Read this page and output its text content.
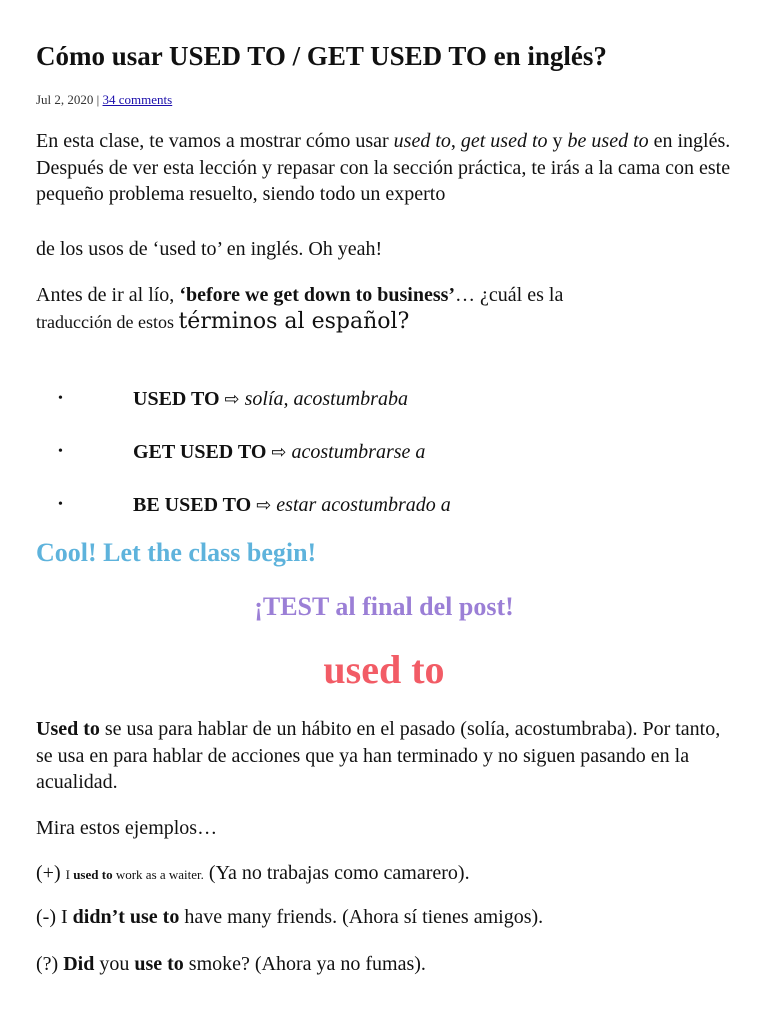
Cómo usar USED TO / GET USED TO en inglés?
Jul 2, 2020 | 34 comments

En esta clase, te vamos a mostrar cómo usar used to, get used to y be used to en inglés. Después de ver esta lección y repasar con la sección práctica, te irás a la cama con este pequeño problema resuelto, siendo todo un experto

de los usos de ‘used to’ en inglés. Oh yeah!

Antes de ir al lío, ‘before we get down to business’… ¿cuál es la
traducción de estos términos al español?

•	USED TO ⇨ solía, acostumbraba
•	GET USED TO ⇨ acostumbrarse a
•	BE USED TO ⇨ estar acostumbrado a
Cool! Let the class begin!
¡TEST al final del post!
used to

Used to se usa para hablar de un hábito en el pasado (solía, acostumbraba). Por tanto, se usa en para hablar de acciones que ya han terminado y no siguen pasando en la acualidad.

Mira estos ejemplos…

(+) I used to work as a waiter. (Ya no trabajas como camarero).
(-) I didn’t use to have many friends. (Ahora sí tienes amigos).
(?) Did you use to smoke? (Ahora ya no fumas).
